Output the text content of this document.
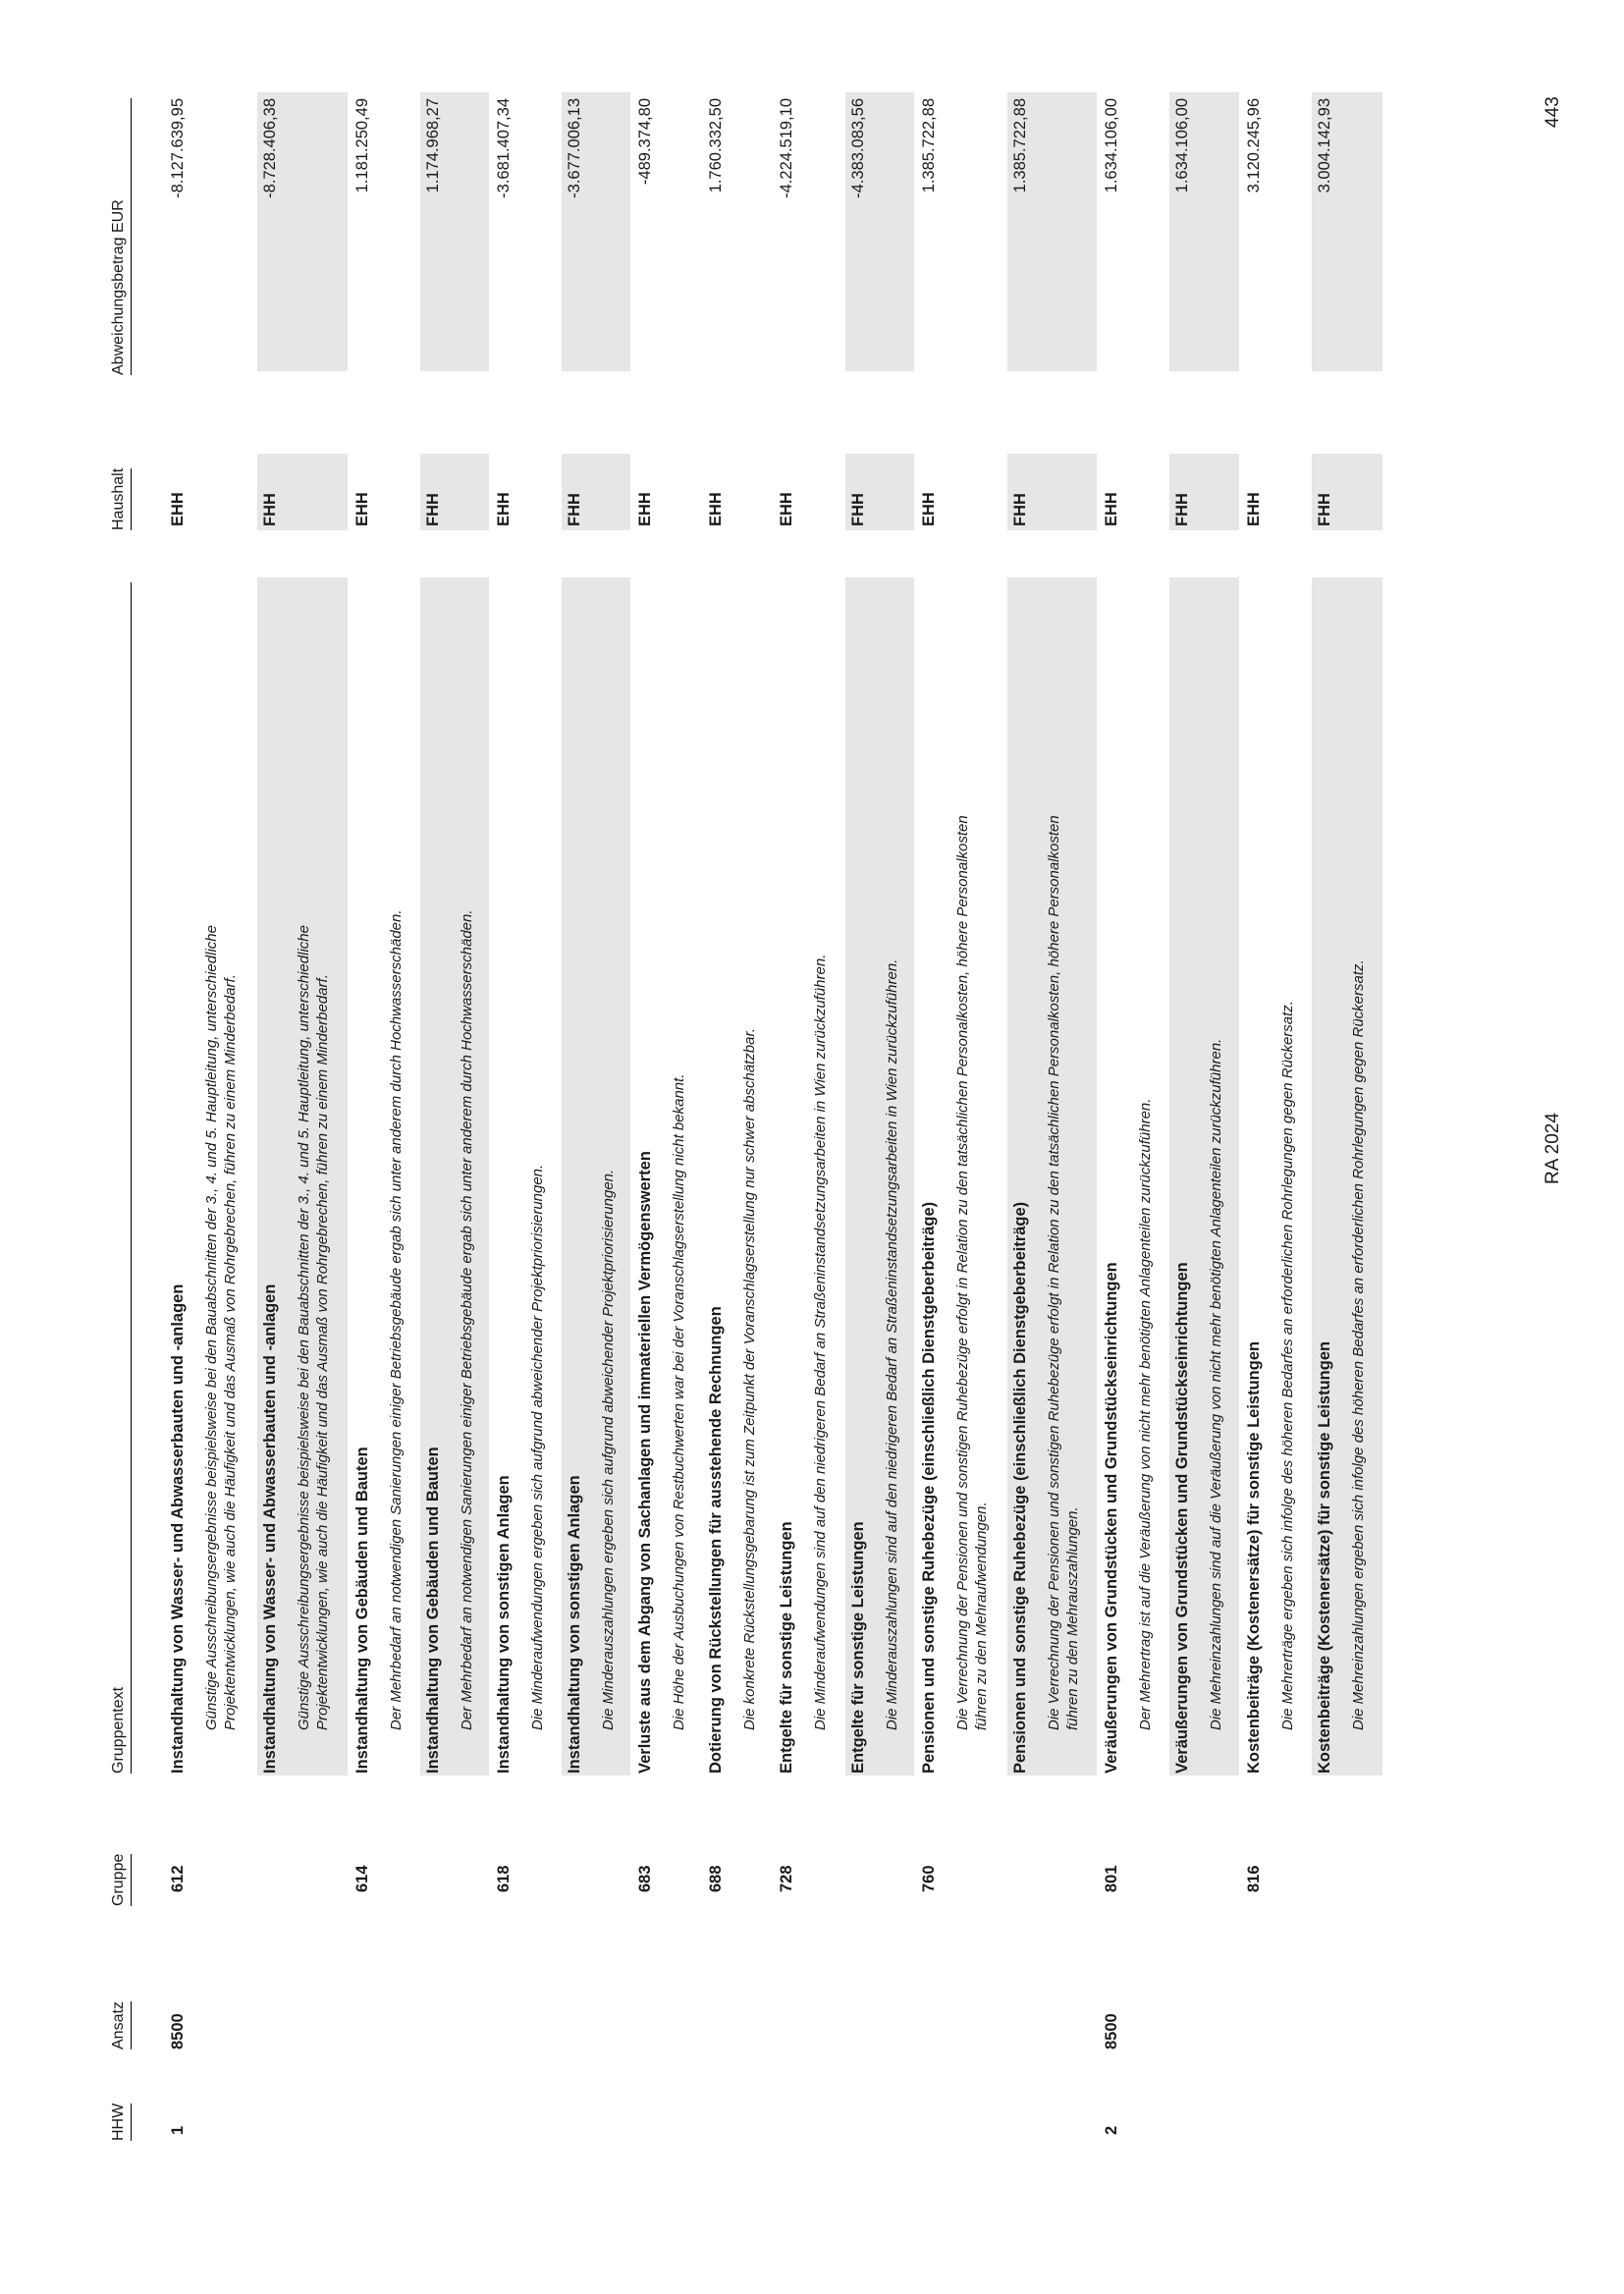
HHW
Ansatz
Gruppe
Gruppentext
Haushalt
Abweichungsbetrag EUR
1
8500
612
Instandhaltung von Wasser- und Abwasserbauten und -anlagen Günstige Ausschreibungsergebnisse beispielsweise bei den Bauabschnitten der 3., 4. und 5. Hauptleitung, unterschiedliche Projektentwicklungen, wie auch die Häufigkeit und das Ausmaß von Rohrgebrechen, führen zu einem Minderbedarf.
EHH
-8.127.639,95
Instandhaltung von Wasser- und Abwasserbauten und -anlagen Günstige Ausschreibungsergebnisse beispielsweise bei den Bauabschnitten der 3., 4. und 5. Hauptleitung, unterschiedliche Projektentwicklungen, wie auch die Häufigkeit und das Ausmaß von Rohrgebrechen, führen zu einem Minderbedarf.
FHH
-8.728.406,38
614
Instandhaltung von Gebäuden und Bauten Der Mehrbedarf an notwendigen Sanierungen einiger Betriebsgebäude ergab sich unter anderem durch Hochwasserschäden.
EHH
1.181.250,49
Instandhaltung von Gebäuden und Bauten Der Mehrbedarf an notwendigen Sanierungen einiger Betriebsgebäude ergab sich unter anderem durch Hochwasserschäden.
FHH
1.174.968,27
618
Instandhaltung von sonstigen Anlagen Die Minderaufwendungen ergeben sich aufgrund abweichender Projektpriorisierungen.
EHH
-3.681.407,34
Instandhaltung von sonstigen Anlagen Die Minderauszahlungen ergeben sich aufgrund abweichender Projektpriorisierungen.
FHH
-3.677.006,13
683
Verluste aus dem Abgang von Sachanlagen und immateriellen Vermögenswerten Die Höhe der Ausbuchungen von Restbuchwerten war bei der Voranschlagserstellung nicht bekannt.
EHH
-489.374,80
688
Dotierung von Rückstellungen für ausstehende Rechnungen Die konkrete Rückstellungsgebarung ist zum Zeitpunkt der Voranschlagserstellung nur schwer abschätzbar.
EHH
1.760.332,50
728
Entgelte für sonstige Leistungen Die Minderaufwendungen sind auf den niedrigeren Bedarf an Straßeninstandsetzungsarbeiten in Wien zurückzuführen.
EHH
-4.224.519,10
Entgelte für sonstige Leistungen Die Minderauszahlungen sind auf den niedrigeren Bedarf an Straßeninstandsetzungsarbeiten in Wien zurückzuführen.
FHH
-4.383.083,56
760
Pensionen und sonstige Ruhebezüge (einschließlich Dienstgeberbeiträge) Die Verrechnung der Pensionen und sonstigen Ruhebezüge erfolgt in Relation zu den tatsächlichen Personalkosten, höhere Personalkosten führen zu den Mehraufwendungen.
EHH
1.385.722,88
Pensionen und sonstige Ruhebezüge (einschließlich Dienstgeberbeiträge) Die Verrechnung der Pensionen und sonstigen Ruhebezüge erfolgt in Relation zu den tatsächlichen Personalkosten, höhere Personalkosten führen zu den Mehrauszahlungen.
FHH
1.385.722,88
2
8500
801
Veräußerungen von Grundstücken und Grundstückseinrichtungen Der Mehrertrag ist auf die Veräußerung von nicht mehr benötigten Anlagenteilen zurückzuführen.
EHH
1.634.106,00
Veräußerungen von Grundstücken und Grundstückseinrichtungen Die Mehreinzahlungen sind auf die Veräußerung von nicht mehr benötigten Anlagenteilen zurückzuführen.
FHH
1.634.106,00
816
Kostenbeiträge (Kostenersätze) für sonstige Leistungen Die Mehrerträge ergeben sich infolge des höheren Bedarfes an erforderlichen Rohrlegungen gegen Rückersatz.
EHH
3.120.245,96
Kostenbeiträge (Kostenersätze) für sonstige Leistungen Die Mehreinzahlungen ergeben sich infolge des höheren Bedarfes an erforderlichen Rohrlegungen gegen Rückersatz.
FHH
3.004.142,93
RA 2024
443
